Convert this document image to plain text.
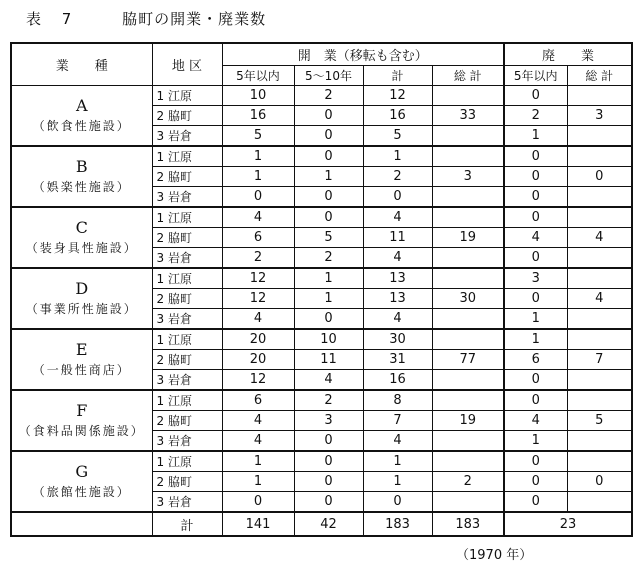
表 7	脇町の開業・廃業数
業　　種	地 区	開　業（移転も含む）				廃　　業	
		5年以内	5〜10年	計	総 計	5年以内	総 計

A
（飲食性施設）	1 江原	10	2	12		0	
	2 脇町	16	0	16	33	2	3
	3 岩倉	5	0	5		1	

B
（娯楽性施設）	1 江原	1	0	1		0	
	2 脇町	1	1	2	3	0	0
	3 岩倉	0	0	0		0	

C
（装身具性施設）	1 江原	4	0	4		0	
	2 脇町	6	5	11	19	4	4
	3 岩倉	2	2	4		0	

D
（事業所性施設）	1 江原	12	1	13		3	
	2 脇町	12	1	13	30	0	4
	3 岩倉	4	0	4		1	

E
（一般性商店）	1 江原	20	10	30		1	
	2 脇町	20	11	31	77	6	7
	3 岩倉	12	4	16		0	

F
（食料品関係施設）	1 江原	6	2	8		0	
	2 脇町	4	3	7	19	4	5
	3 岩倉	4	0	4		1	

G
（旅館性施設）	1 江原	1	0	1		0	
	2 脇町	1	0	1	2	0	0
	3 岩倉	0	0	0		0	
	計	141	42	183	183	23	
（1970 年）
